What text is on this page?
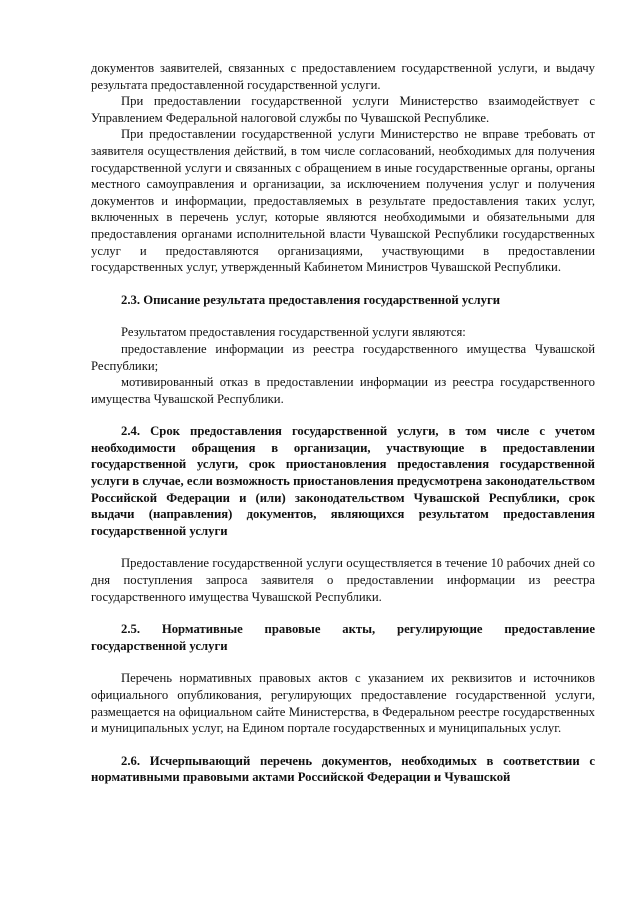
документов заявителей, связанных с предоставлением государственной услуги, и выдачу результата предоставленной государственной услуги.

При предоставлении государственной услуги Министерство взаимодействует с Управлением Федеральной налоговой службы по Чувашской Республике.

При предоставлении государственной услуги Министерство не вправе требовать от заявителя осуществления действий, в том числе согласований, необходимых для получения государственной услуги и связанных с обращением в иные государственные органы, органы местного самоуправления и организации, за исключением получения услуг и получения документов и информации, предоставляемых в результате предоставления таких услуг, включенных в перечень услуг, которые являются необходимыми и обязательными для предоставления органами исполнительной власти Чувашской Республики государственных услуг и предоставляются организациями, участвующими в предоставлении государственных услуг, утвержденный Кабинетом Министров Чувашской Республики.

2.3. Описание результата предоставления государственной услуги

Результатом предоставления государственной услуги являются:

предоставление информации из реестра государственного имущества Чувашской Республики;

мотивированный отказ в предоставлении информации из реестра государственного имущества Чувашской Республики.

2.4. Срок предоставления государственной услуги, в том числе с учетом необходимости обращения в организации, участвующие в предоставлении государственной услуги, срок приостановления предоставления государственной услуги в случае, если возможность приостановления предусмотрена законодательством Российской Федерации и (или) законодательством Чувашской Республики, срок выдачи (направления) документов, являющихся результатом предоставления государственной услуги

Предоставление государственной услуги осуществляется в течение 10 рабочих дней со дня поступления запроса заявителя о предоставлении информации из реестра государственного имущества Чувашской Республики.

2.5. Нормативные правовые акты, регулирующие предоставление государственной услуги

Перечень нормативных правовых актов с указанием их реквизитов и источников официального опубликования, регулирующих предоставление государственной услуги, размещается на официальном сайте Министерства, в Федеральном реестре государственных и муниципальных услуг, на Едином портале государственных и муниципальных услуг.

2.6. Исчерпывающий перечень документов, необходимых в соответствии с нормативными правовыми актами Российской Федерации и Чувашской
